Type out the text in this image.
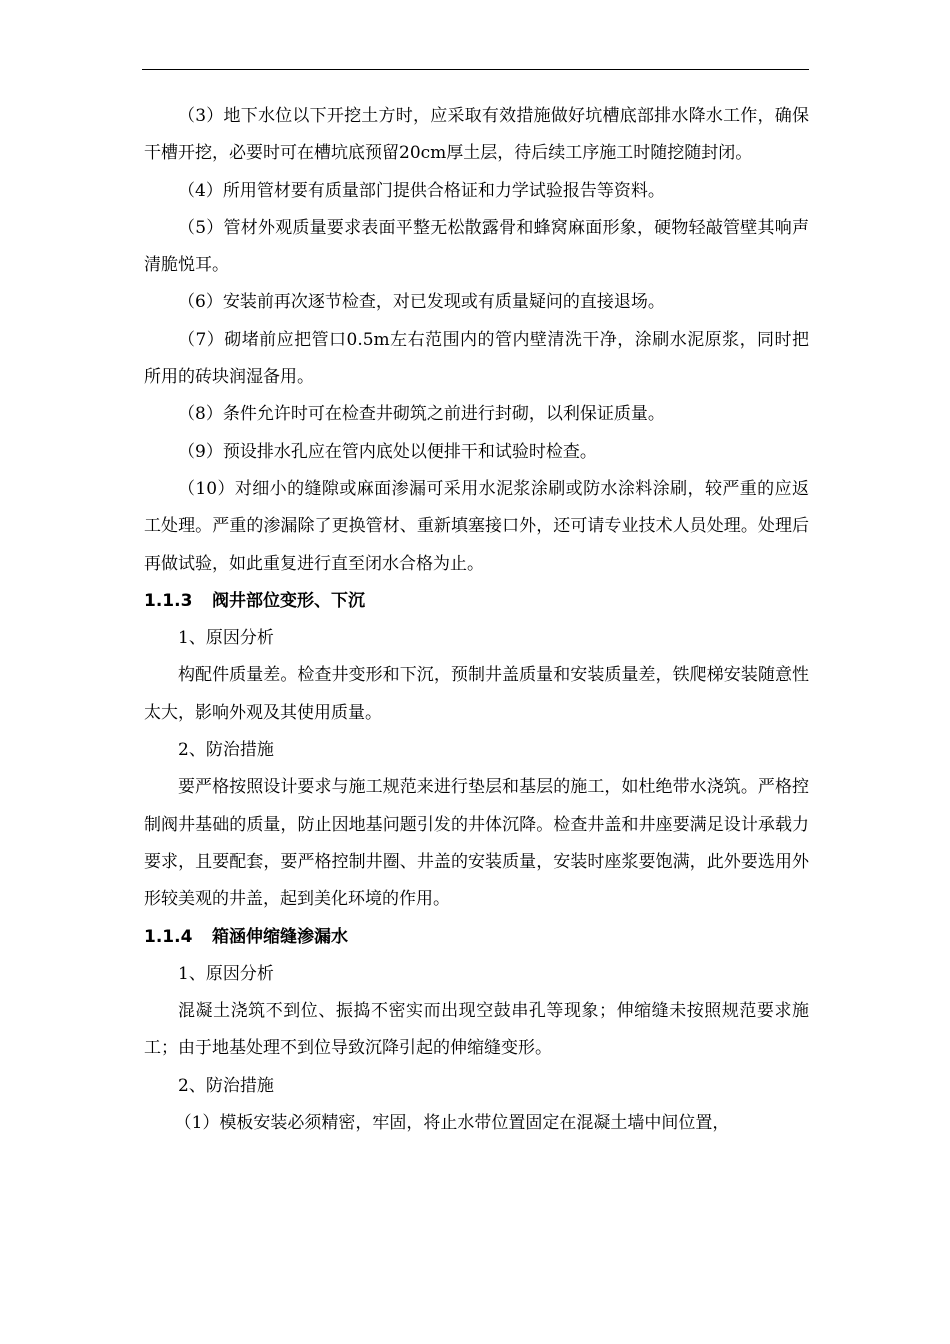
（3）地下水位以下开挖土方时，应采取有效措施做好坑槽底部排水降水工作，确保干槽开挖，必要时可在槽坑底预留20cm厚土层，待后续工序施工时随挖随封闭。

（4）所用管材要有质量部门提供合格证和力学试验报告等资料。

（5）管材外观质量要求表面平整无松散露骨和蜂窝麻面形象，硬物轻敲管壁其响声清脆悦耳。

（6）安装前再次逐节检查，对已发现或有质量疑问的直接退场。

（7）砌堵前应把管口0.5m左右范围内的管内壁清洗干净，涂刷水泥原浆，同时把所用的砖块润湿备用。

（8）条件允许时可在检查井砌筑之前进行封砌，以利保证质量。

（9）预设排水孔应在管内底处以便排干和试验时检查。

（10）对细小的缝隙或麻面渗漏可采用水泥浆涂刷或防水涂料涂刷，较严重的应返工处理。严重的渗漏除了更换管材、重新填塞接口外，还可请专业技术人员处理。处理后再做试验，如此重复进行直至闭水合格为止。

1.1.3 阀井部位变形、下沉

1、原因分析

构配件质量差。检查井变形和下沉，预制井盖质量和安装质量差，铁爬梯安装随意性太大，影响外观及其使用质量。

2、防治措施

要严格按照设计要求与施工规范来进行垫层和基层的施工，如杜绝带水浇筑。严格控制阀井基础的质量，防止因地基问题引发的井体沉降。检查井盖和井座要满足设计承载力要求，且要配套，要严格控制井圈、井盖的安装质量，安装时座浆要饱满，此外要选用外形较美观的井盖，起到美化环境的作用。

1.1.4 箱涵伸缩缝渗漏水

1、原因分析

混凝土浇筑不到位、振捣不密实而出现空鼓串孔等现象；伸缩缝未按照规范要求施工；由于地基处理不到位导致沉降引起的伸缩缝变形。

2、防治措施

（1）模板安装必须精密，牢固，将止水带位置固定在混凝土墙中间位置，
